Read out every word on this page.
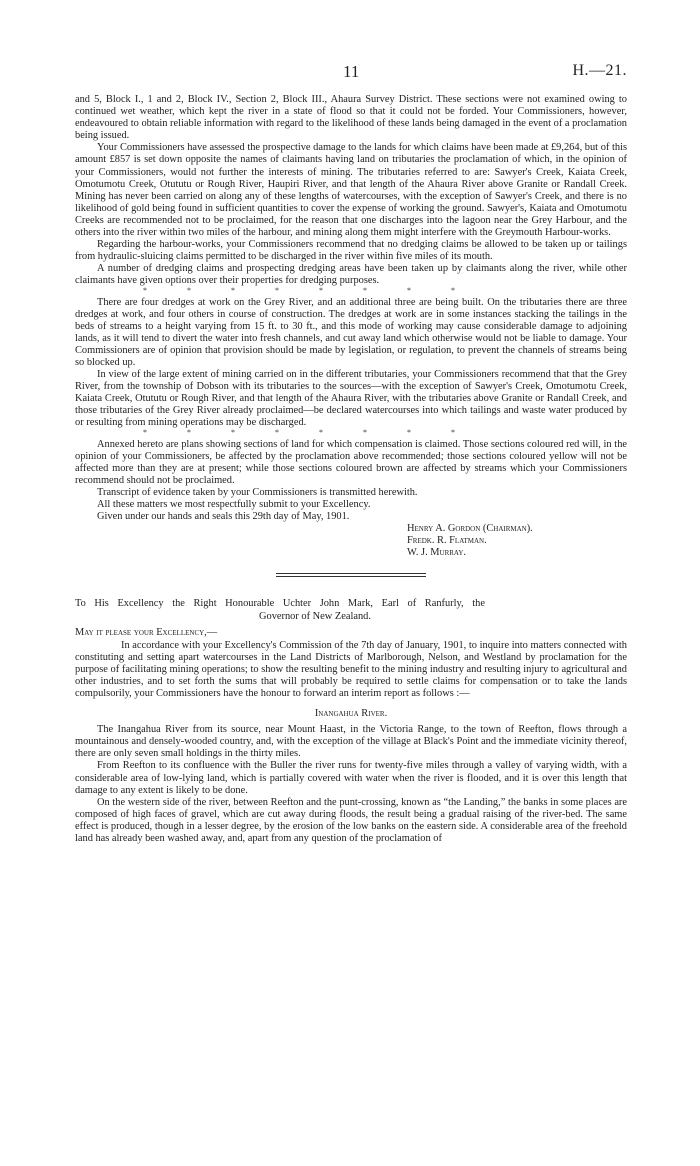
11	H.—21.

and 5, Block I., 1 and 2, Block IV., Section 2, Block III., Ahaura Survey District. These sections were not examined owing to continued wet weather, which kept the river in a state of flood so that it could not be forded. Your Commissioners, however, endeavoured to obtain reliable information with regard to the likelihood of these lands being damaged in the event of a proclamation being issued.

Your Commissioners have assessed the prospective damage to the lands for which claims have been made at £9,264, but of this amount £857 is set down opposite the names of claimants having land on tributaries the proclamation of which, in the opinion of your Commissioners, would not further the interests of mining. The tributaries referred to are: Sawyer's Creek, Kaiata Creek, Omotumotu Creek, Otututu or Rough River, Haupiri River, and that length of the Ahaura River above Granite or Randall Creek. Mining has never been carried on along any of these lengths of watercourses, with the exception of Sawyer's Creek, and there is no likelihood of gold being found in sufficient quantities to cover the expense of working the ground. Sawyer's, Kaiata and Omotumotu Creeks are recommended not to be proclaimed, for the reason that one discharges into the lagoon near the Grey Harbour, and the others into the river within two miles of the harbour, and mining along them might interfere with the Greymouth Harbour-works.

Regarding the harbour-works, your Commissioners recommend that no dredging claims be allowed to be taken up or tailings from hydraulic-sluicing claims permitted to be discharged in the river within five miles of its mouth.

A number of dredging claims and prospecting dredging areas have been taken up by claimants along the river, while other claimants have given options over their properties for dredging purposes.

* * * * * * * *

There are four dredges at work on the Grey River, and an additional three are being built. On the tributaries there are three dredges at work, and four others in course of construction. The dredges at work are in some instances stacking the tailings in the beds of streams to a height varying from 15 ft. to 30 ft., and this mode of working may cause considerable damage to adjoining lands, as it will tend to divert the water into fresh channels, and cut away land which otherwise would not be liable to damage. Your Commissioners are of opinion that provision should be made by legislation, or regulation, to prevent the channels of streams being so blocked up.

In view of the large extent of mining carried on in the different tributaries, your Commissioners recommend that that the Grey River, from the township of Dobson with its tributaries to the sources—with the exception of Sawyer's Creek, Omotumotu Creek, Kaiata Creek, Otututu or Rough River, and that length of the Ahaura River, with the tributaries above Granite or Randall Creek, and those tributaries of the Grey River already proclaimed—be declared watercourses into which tailings and waste water produced by or resulting from mining operations may be discharged.

* * * * * * * *

Annexed hereto are plans showing sections of land for which compensation is claimed. Those sections coloured red will, in the opinion of your Commissioners, be affected by the proclamation above recommended; those sections coloured yellow will not be affected more than they are at present; while those sections coloured brown are affected by streams which your Commissioners recommend should not be proclaimed.

Transcript of evidence taken by your Commissioners is transmitted herewith.

All these matters we most respectfully submit to your Excellency.

Given under our hands and seals this 29th day of May, 1901.

Henry A. Gordon (Chairman).
Fredk. R. Flatman.
W. J. Murray.

To His Excellency the Right Honourable Uchter John Mark, Earl of Ranfurly, the

Governor of New Zealand.

May it please your Excellency,—

In accordance with your Excellency's Commission of the 7th day of January, 1901, to inquire into matters connected with constituting and setting apart watercourses in the Land Districts of Marlborough, Nelson, and Westland by proclamation for the purpose of facilitating mining operations; to show the resulting benefit to the mining industry and resulting injury to agricultural and other industries, and to set forth the sums that will probably be required to settle claims for compensation or to take the lands compulsorily, your Commissioners have the honour to forward an interim report as follows :—

Inangahua River.

The Inangahua River from its source, near Mount Haast, in the Victoria Range, to the town of Reefton, flows through a mountainous and densely-wooded country, and, with the exception of the village at Black's Point and the immediate vicinity thereof, there are only seven small holdings in the thirty miles.

From Reefton to its confluence with the Buller the river runs for twenty-five miles through a valley of varying width, with a considerable area of low-lying land, which is partially covered with water when the river is flooded, and it is over this length that damage to any extent is likely to be done.

On the western side of the river, between Reefton and the punt-crossing, known as “the Landing,” the banks in some places are composed of high faces of gravel, which are cut away during floods, the result being a gradual raising of the river-bed. The same effect is produced, though in a lesser degree, by the erosion of the low banks on the eastern side. A considerable area of the freehold land has already been washed away, and, apart from any question of the proclamation of
